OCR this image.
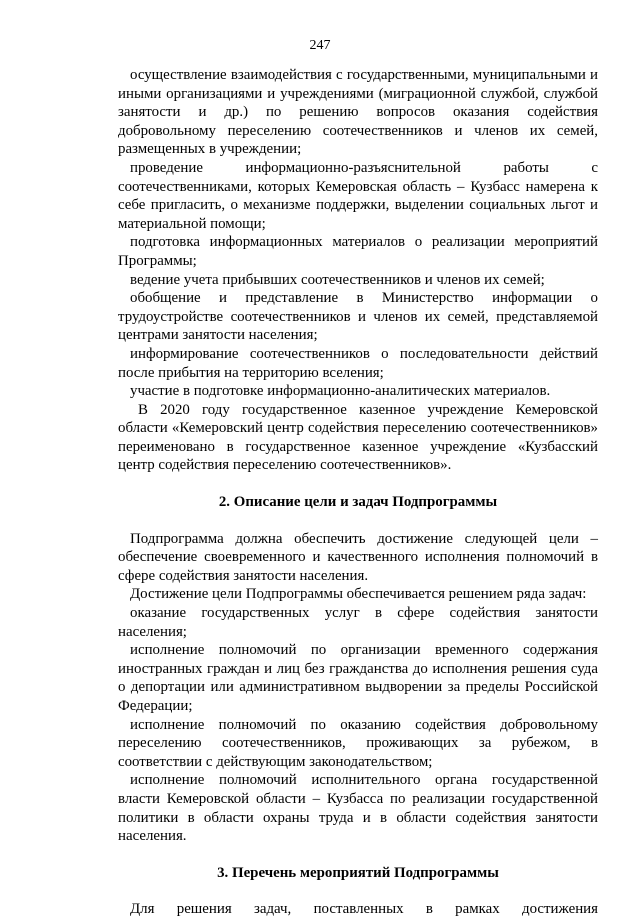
247

осуществление взаимодействия с государственными, муниципальными и иными организациями и учреждениями (миграционной службой, службой занятости и др.) по решению вопросов оказания содействия добровольному переселению соотечественников и членов их семей, размещенных в учреждении;

проведение информационно-разъяснительной работы с соотечественниками, которых Кемеровская область – Кузбасс намерена к себе пригласить, о механизме поддержки, выделении социальных льгот и материальной помощи;

подготовка информационных материалов о реализации мероприятий Программы;

ведение учета прибывших соотечественников и членов их семей;

обобщение и представление в Министерство информации о трудоустройстве соотечественников и членов их семей, представляемой центрами занятости населения;

информирование соотечественников о последовательности действий после прибытия на территорию вселения;

участие в подготовке информационно-аналитических материалов.

В 2020 году государственное казенное учреждение Кемеровской области «Кемеровский центр содействия переселению соотечественников» переименовано в государственное казенное учреждение «Кузбасский центр содействия переселению соотечественников».

2. Описание цели и задач Подпрограммы

Подпрограмма должна обеспечить достижение следующей цели – обеспечение своевременного и качественного исполнения полномочий в сфере содействия занятости населения.

Достижение цели Подпрограммы обеспечивается решением ряда задач:

оказание государственных услуг в сфере содействия занятости населения;

исполнение полномочий по организации временного содержания иностранных граждан и лиц без гражданства до исполнения решения суда о депортации или административном выдворении за пределы Российской Федерации;

исполнение полномочий по оказанию содействия добровольному переселению соотечественников, проживающих за рубежом, в соответствии с действующим законодательством;

исполнение полномочий исполнительного органа государственной власти Кемеровской области – Кузбасса по реализации государственной политики в области охраны труда и в области содействия занятости населения.

3. Перечень мероприятий Подпрограммы

Для решения задач, поставленных в рамках достижения
